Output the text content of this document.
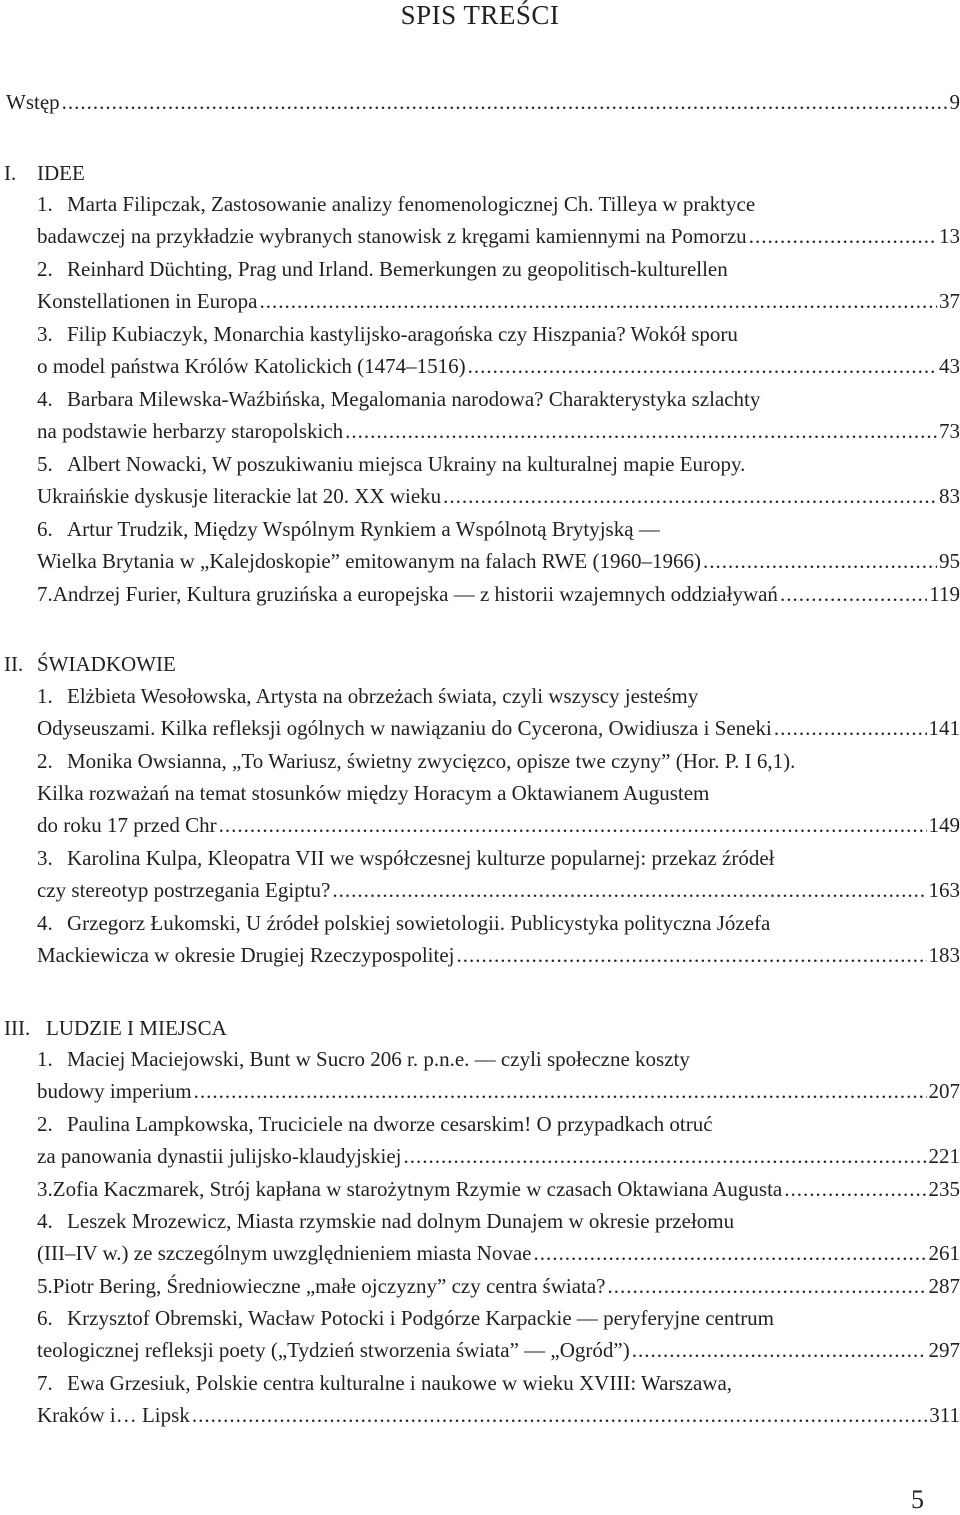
SPIS TREŚCI
Wstęp .....	9
I. IDEE
1. Marta Filipczak, Zastosowanie analizy fenomenologicznej Ch. Tilleya w praktyce
badawczej na przykładzie wybranych stanowisk z kręgami kamiennymi na Pomorzu .....	13
2. Reinhard Düchting, Prag und Irland. Bemerkungen zu geopolitisch-kulturellen
Konstellationen in Europa .....	37
3. Filip Kubiaczyk, Monarchia kastylijsko-aragońska czy Hiszpania? Wokół sporu
o model państwa Królów Katolickich (1474–1516) .....	43
4. Barbara Milewska-Waźbińska, Megalomania narodowa? Charakterystyka szlachty
na podstawie herbarzy staropolskich .....	73
5. Albert Nowacki, W poszukiwaniu miejsca Ukrainy na kulturalnej mapie Europy.
Ukraińskie dyskusje literackie lat 20. XX wieku .....	83
6. Artur Trudzik, Między Wspólnym Rynkiem a Wspólnotą Brytyjską —
Wielka Brytania w „Kalejdoskopie” emitowanym na falach RWE (1960–1966) .....	95
7. Andrzej Furier, Kultura gruzińska a europejska — z historii wzajemnych oddziaływań .....	119
II. ŚWIADKOWIE
1. Elżbieta Wesołowska, Artysta na obrzeżach świata, czyli wszyscy jesteśmy
Odyseuszami. Kilka refleksji ogólnych w nawiązaniu do Cycerona, Owidiusza i Seneki .....	141
2. Monika Owsianna, „To Wariusz, świetny zwycięzco, opisze twe czyny” (Hor. P. I 6,1).
Kilka rozważań na temat stosunków między Horacym a Oktawianem Augustem
do roku 17 przed Chr .....	149
3. Karolina Kulpa, Kleopatra VII we współczesnej kulturze popularnej: przekaz źródeł
czy stereotyp postrzegania Egiptu? .....	163
4. Grzegorz Łukomski, U źródeł polskiej sowietologii. Publicystyka polityczna Józefa
Mackiewicza w okresie Drugiej Rzeczypospolitej .....	183
III. LUDZIE I MIEJSCA
1. Maciej Maciejowski, Bunt w Sucro 206 r. p.n.e. — czyli społeczne koszty
budowy imperium .....	207
2. Paulina Lampkowska, Truciciele na dworze cesarskim! O przypadkach otruć
za panowania dynastii julijsko-klaudyjskiej .....	221
3. Zofia Kaczmarek, Strój kapłana w starożytnym Rzymie w czasach Oktawiana Augusta .....	235
4. Leszek Mrozewicz, Miasta rzymskie nad dolnym Dunajem w okresie przełomu
(III–IV w.) ze szczególnym uwzględnieniem miasta Novae .....	261
5. Piotr Bering, Średniowieczne „małe ojczyzny” czy centra świata? .....	287
6. Krzysztof Obremski, Wacław Potocki i Podgórze Karpackie — peryferyjne centrum
teologicznej refleksji poety („Tydzień stworzenia świata” — „Ogród”) .....	297
7. Ewa Grzesiuk, Polskie centra kulturalne i naukowe w wieku XVIII: Warszawa,
Kraków i… Lipsk .....	311
5
